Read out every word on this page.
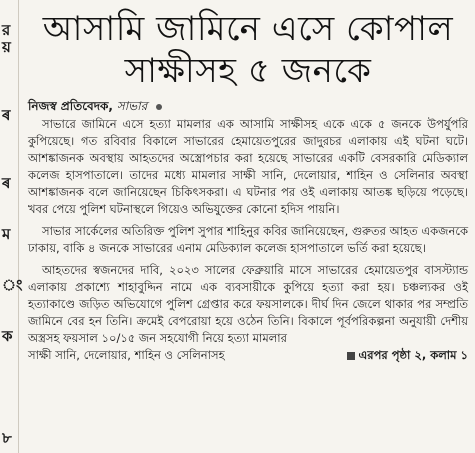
র
য়
ৰ
ৰ
ম
ং
ক
৮
আসামি জামিনে এসে কোপাল
সাক্ষীসহ ৫ জনকে
নিজস্ব প্রতিবেদক, সাভার

সাভারে জামিনে এসে হত্যা মামলার এক আসামি সাক্ষীসহ একে একে ৫ জনকে উপর্যুপরি কুপিয়েছে। গত রবিবার বিকালে সাভারের হেমায়েতপুরের জাদুরচর এলাকায় এই ঘটনা ঘটে। আশঙ্কাজনক অবস্থায় আহতদের অস্ত্রোপচার করা হয়েছে সাভারের একটি বেসরকারি মেডিক্যাল কলেজ হাসপাতালে। তাদের মধ্যে মামলার সাক্ষী সানি, দেলোয়ার, শাহিন ও সেলিনার অবস্থা আশঙ্কাজনক বলে জানিয়েছেন চিকিৎসকরা। এ ঘটনার পর ওই এলাকায় আতঙ্ক ছড়িয়ে পড়েছে। খবর পেয়ে পুলিশ ঘটনাস্থলে গিয়েও অভিযুক্তের কোনো হদিস পায়নি।

সাভার সার্কেলের অতিরিক্ত পুলিশ সুপার শাহিনুর কবির জানিয়েছেন, গুরুতর আহত একজনকে ঢাকায়, বাকি ৪ জনকে সাভারের এনাম মেডিক্যাল কলেজ হাসপাতালে ভর্তি করা হয়েছে।

আহতদের স্বজনদের দাবি, ২০২৩ সালের ফেব্রুয়ারি মাসে সাভারের হেমায়েতপুর বাসস্ট্যান্ড এলাকায় প্রকাশ্যে শাহাবুদ্দিন নামে এক ব্যবসায়ীকে কুপিয়ে হত্যা করা হয়। চঞ্চল্যকর ওই হত্যাকাণ্ডে জড়িত অভিযোগে পুলিশ গ্রেপ্তার করে ফয়সালকে। দীর্ঘ দিন জেলে থাকার পর সম্প্রতি জামিনে বের হন তিনি। ক্রমেই বেপরোয়া হয়ে ওঠেন তিনি। বিকালে পূর্বপরিকল্পনা অনুযায়ী দেশীয় অস্ত্রসহ ফয়সাল ১০/১৫ জন সহযোগী নিয়ে হত্যা মামলার

সাক্ষী সানি, দেলোয়ার, শাহিন ও সেলিনাসহ	এরপর পৃষ্ঠা ২, কলাম ১
